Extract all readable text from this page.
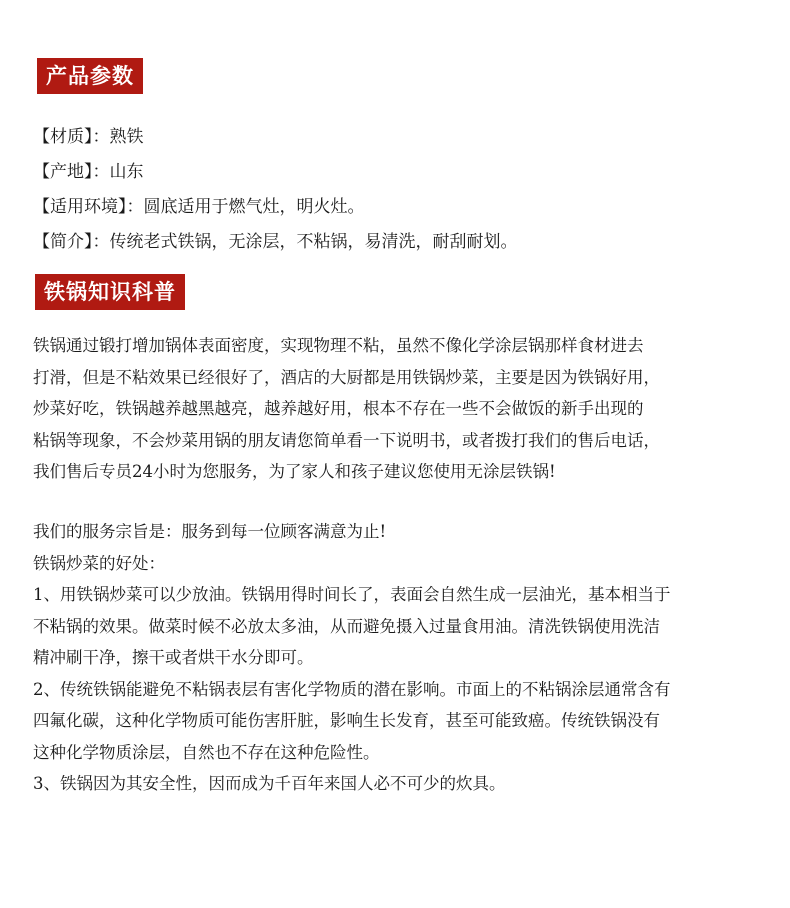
产品参数
【材质】：熟铁
【产地】：山东
【适用环境】：圆底适用于燃气灶，明火灶。
【简介】：传统老式铁锅，无涂层，不粘锅，易清洗，耐刮耐划。
铁锅知识科普
铁锅通过锻打增加锅体表面密度，实现物理不粘，虽然不像化学涂层锅那样食材进去
打滑，但是不粘效果已经很好了，酒店的大厨都是用铁锅炒菜，主要是因为铁锅好用，
炒菜好吃，铁锅越养越黑越亮，越养越好用，根本不存在一些不会做饭的新手出现的
粘锅等现象，不会炒菜用锅的朋友请您简单看一下说明书，或者拨打我们的售后电话，
我们售后专员24小时为您服务，为了家人和孩子建议您使用无涂层铁锅!
我们的服务宗旨是：服务到每一位顾客满意为止!
铁锅炒菜的好处：
1、用铁锅炒菜可以少放油。铁锅用得时间长了，表面会自然生成一层油光，基本相当于
不粘锅的效果。做菜时候不必放太多油，从而避免摄入过量食用油。清洗铁锅使用洗洁
精冲刷干净，擦干或者烘干水分即可。
2、传统铁锅能避免不粘锅表层有害化学物质的潜在影响。市面上的不粘锅涂层通常含有
四氟化碳，这种化学物质可能伤害肝脏，影响生长发育，甚至可能致癌。传统铁锅没有
这种化学物质涂层，自然也不存在这种危险性。
3、铁锅因为其安全性，因而成为千百年来国人必不可少的炊具。
